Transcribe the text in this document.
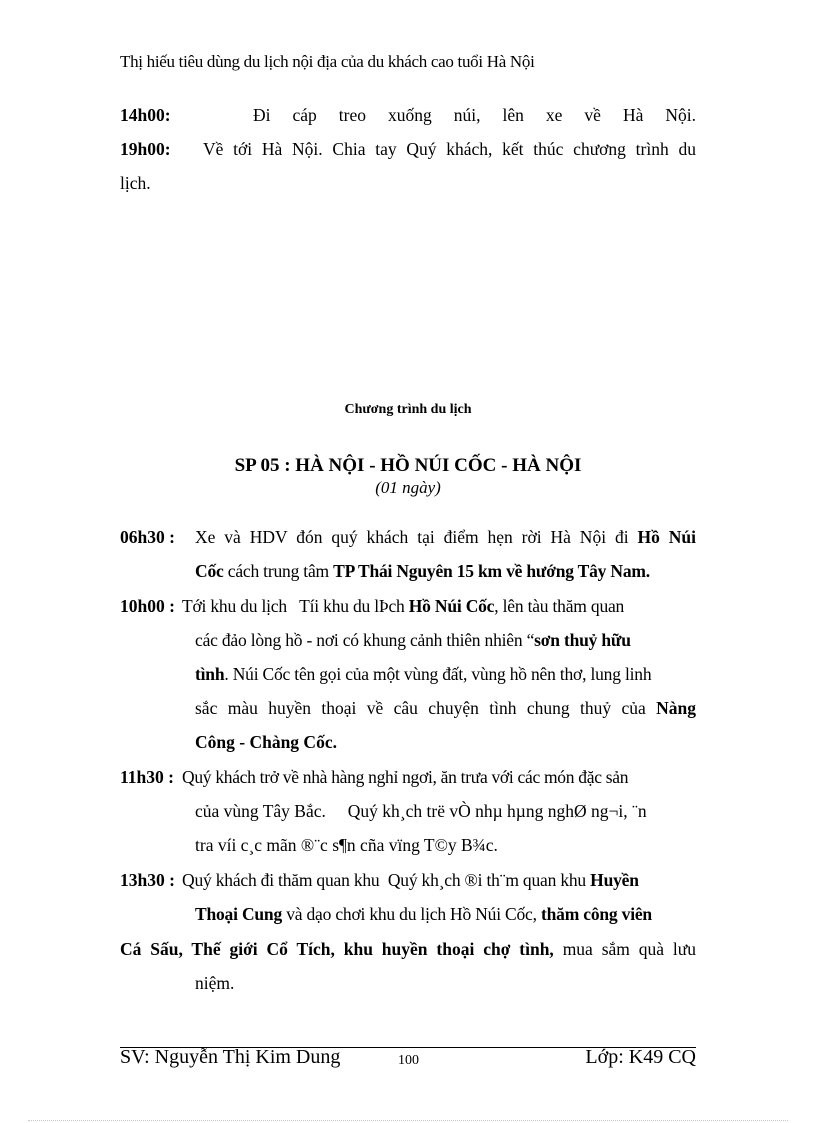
Thị hiếu tiêu dùng du lịch nội địa của du khách cao tuổi Hà Nội
14h00:	Đi cáp treo xuống núi, lên xe về Hà Nội.
19h00: Về tới Hà Nội. Chia tay Quý khách, kết thúc chương trình du
lịch.
Chương trình du lịch
SP 05 : HÀ NỘI - HỒ NÚI CỐC - HÀ NỘI
(01 ngày)
06h30 : Xe và HDV đón quý khách tại điểm hẹn rời Hà Nội đi Hồ Núi
Cốc cách trung tâm TP Thái Nguyên 15 km về hướng Tây Nam.
10h00 : Tới khu du lịch Tíi khu du lÞch Hồ Núi Cốc, lên tàu thăm quan
các đảo lòng hồ - nơi có khung cảnh thiên nhiên “sơn thuỷ hữu
tình. Núi Cốc tên gọi của một vùng đất, vùng hồ nên thơ, lung linh
sắc màu huyền thoại về câu chuyện tình chung thuỷ của Nàng
Công - Chàng Cốc.
11h30 : Quý khách trở về nhà hàng nghỉ ngơi, ăn trưa với các món đặc sản
của vùng Tây Bắc. Quý kh¸ch trë vÒ nhµ hµng nghØ ng¬i, ¨n
tra víi c¸c mãn ®¨c s¶n cña vïng T©y B¾c.
13h30 : Quý khách đi thăm quan khu Quý kh¸ch ®i th¨m quan khu Huyền
Thoại Cung và dạo chơi khu du lịch Hồ Núi Cốc, thăm công viên
Cá Sấu, Thế giới Cổ Tích, khu huyền thoại chợ tình, mua sắm quà lưu
niệm.
SV: Nguyễn Thị Kim Dung	100	Lớp: K49 CQ
